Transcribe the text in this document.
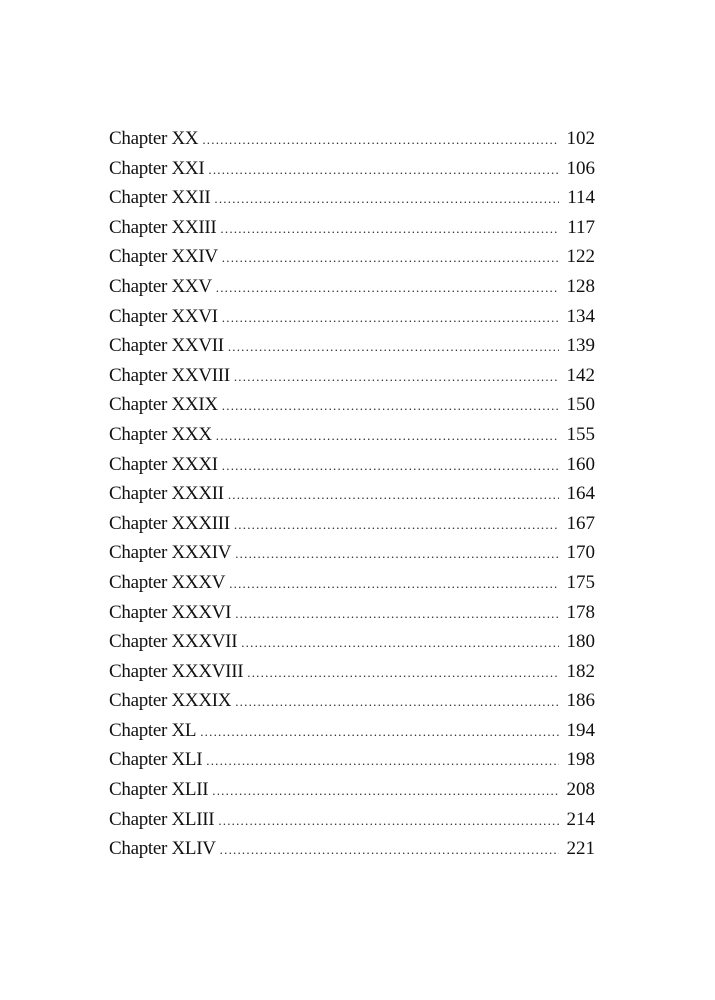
Chapter XX .....	102
Chapter XXI .....	106
Chapter XXII .....	114
Chapter XXIII .....	117
Chapter XXIV .....	122
Chapter XXV .....	128
Chapter XXVI .....	134
Chapter XXVII .....	139
Chapter XXVIII .....	142
Chapter XXIX .....	150
Chapter XXX .....	155
Chapter XXXI .....	160
Chapter XXXII .....	164
Chapter XXXIII .....	167
Chapter XXXIV .....	170
Chapter XXXV .....	175
Chapter XXXVI .....	178
Chapter XXXVII .....	180
Chapter XXXVIII .....	182
Chapter XXXIX .....	186
Chapter XL .....	194
Chapter XLI .....	198
Chapter XLII .....	208
Chapter XLIII .....	214
Chapter XLIV .....	221
